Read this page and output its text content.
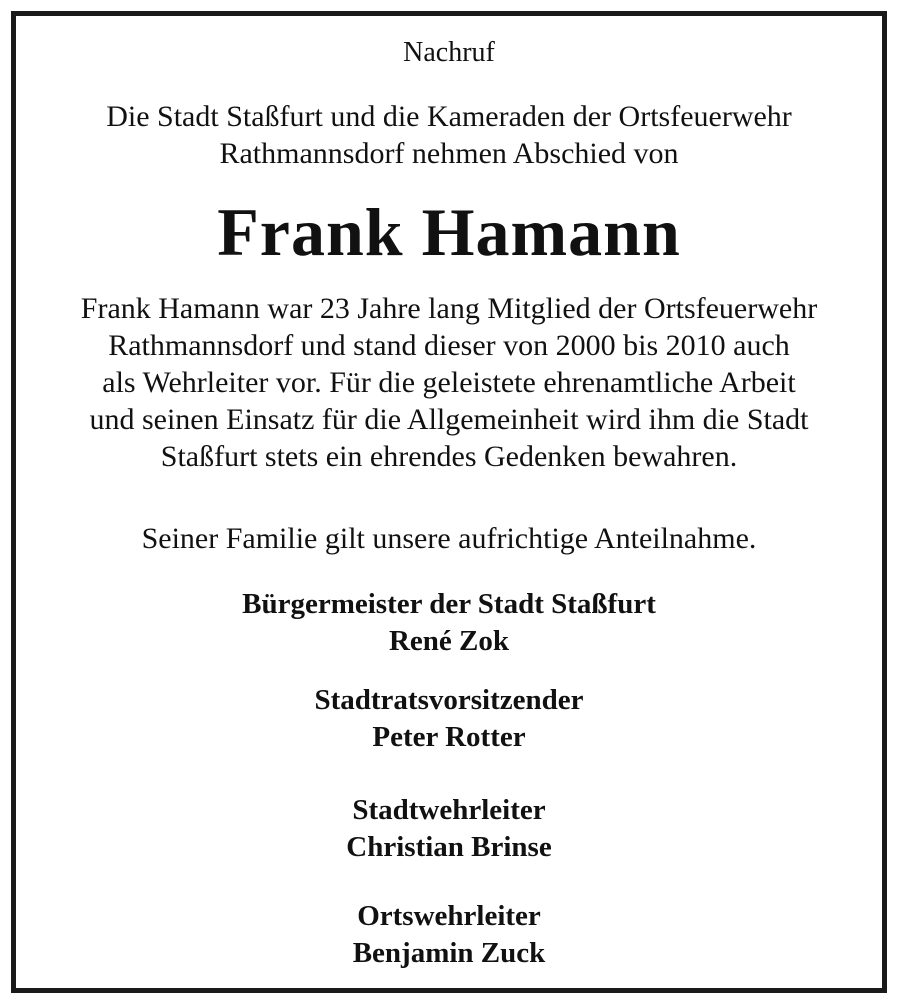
Nachruf
Die Stadt Staßfurt und die Kameraden der Ortsfeuerwehr
Rathmannsdorf nehmen Abschied von
Frank Hamann
Frank Hamann war 23 Jahre lang Mitglied der Ortsfeuerwehr
Rathmannsdorf und stand dieser von 2000 bis 2010 auch
als Wehrleiter vor. Für die geleistete ehrenamtliche Arbeit
und seinen Einsatz für die Allgemeinheit wird ihm die Stadt
Staßfurt stets ein ehrendes Gedenken bewahren.
Seiner Familie gilt unsere aufrichtige Anteilnahme.
Bürgermeister der Stadt Staßfurt
René Zok
Stadtratsvorsitzender
Peter Rotter
Stadtwehrleiter
Christian Brinse
Ortswehrleiter
Benjamin Zuck
